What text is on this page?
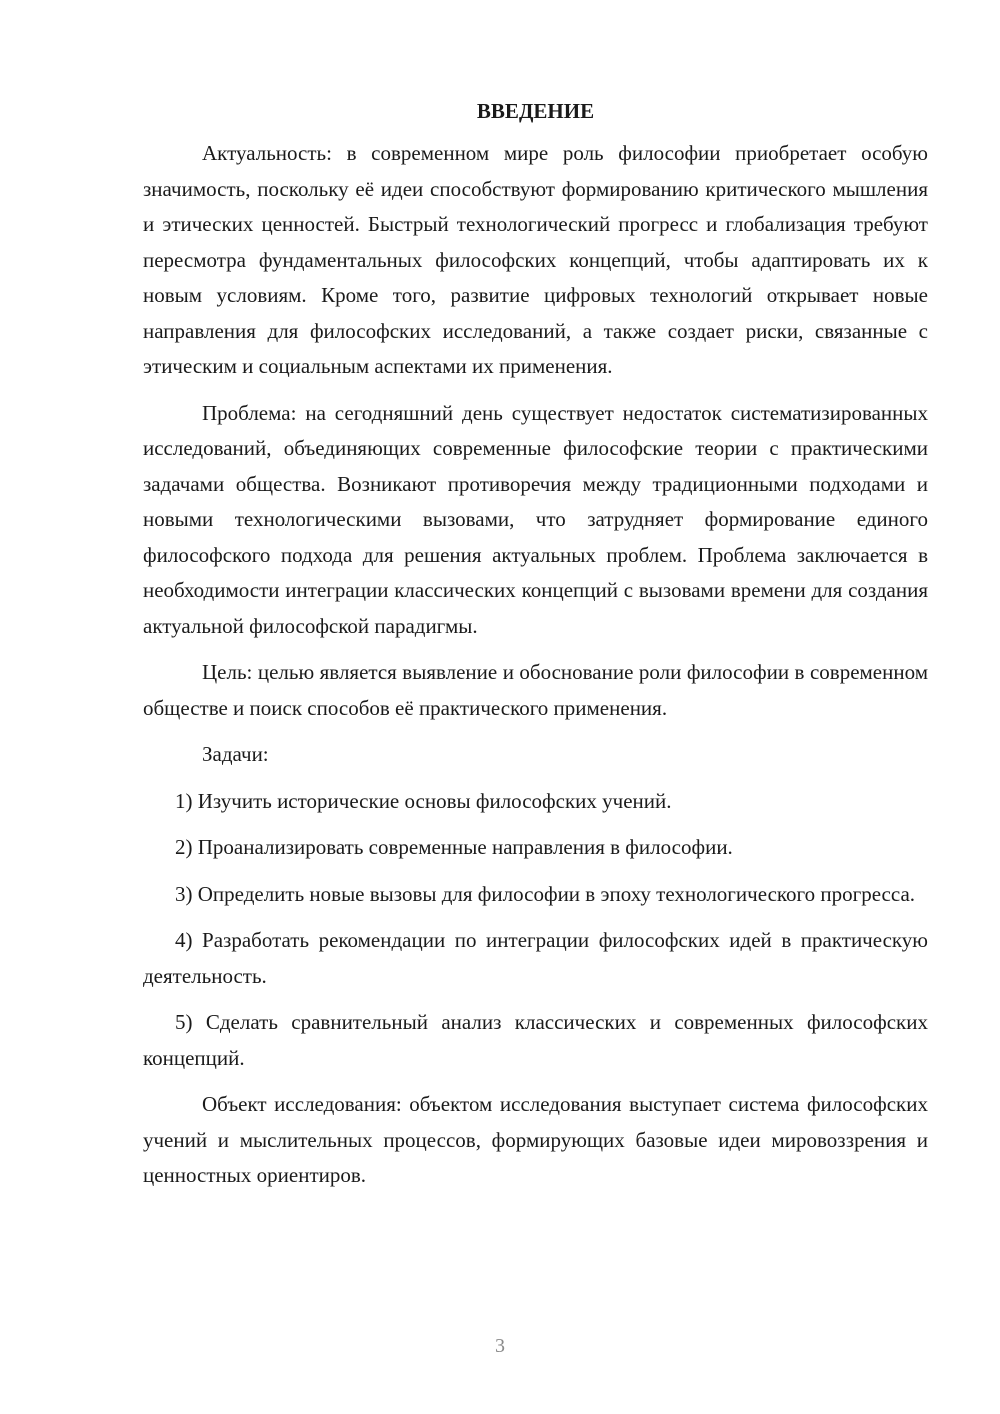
ВВЕДЕНИЕ

Актуальность: в современном мире роль философии приобретает особую значимость, поскольку её идеи способствуют формированию критического мышления и этических ценностей. Быстрый технологический прогресс и глобализация требуют пересмотра фундаментальных философских концепций, чтобы адаптировать их к новым условиям. Кроме того, развитие цифровых технологий открывает новые направления для философских исследований, а также создает риски, связанные с этическим и социальным аспектами их применения.

Проблема: на сегодняшний день существует недостаток систематизированных исследований, объединяющих современные философские теории с практическими задачами общества. Возникают противоречия между традиционными подходами и новыми технологическими вызовами, что затрудняет формирование единого философского подхода для решения актуальных проблем. Проблема заключается в необходимости интеграции классических концепций с вызовами времени для создания актуальной философской парадигмы.

Цель: целью является выявление и обоснование роли философии в современном обществе и поиск способов её практического применения.

Задачи:

1) Изучить исторические основы философских учений.

2) Проанализировать современные направления в философии.

3) Определить новые вызовы для философии в эпоху технологического прогресса.

4) Разработать рекомендации по интеграции философских идей в практическую деятельность.

5) Сделать сравнительный анализ классических и современных философских концепций.

Объект исследования: объектом исследования выступает система философских учений и мыслительных процессов, формирующих базовые идеи мировоззрения и ценностных ориентиров.

3
